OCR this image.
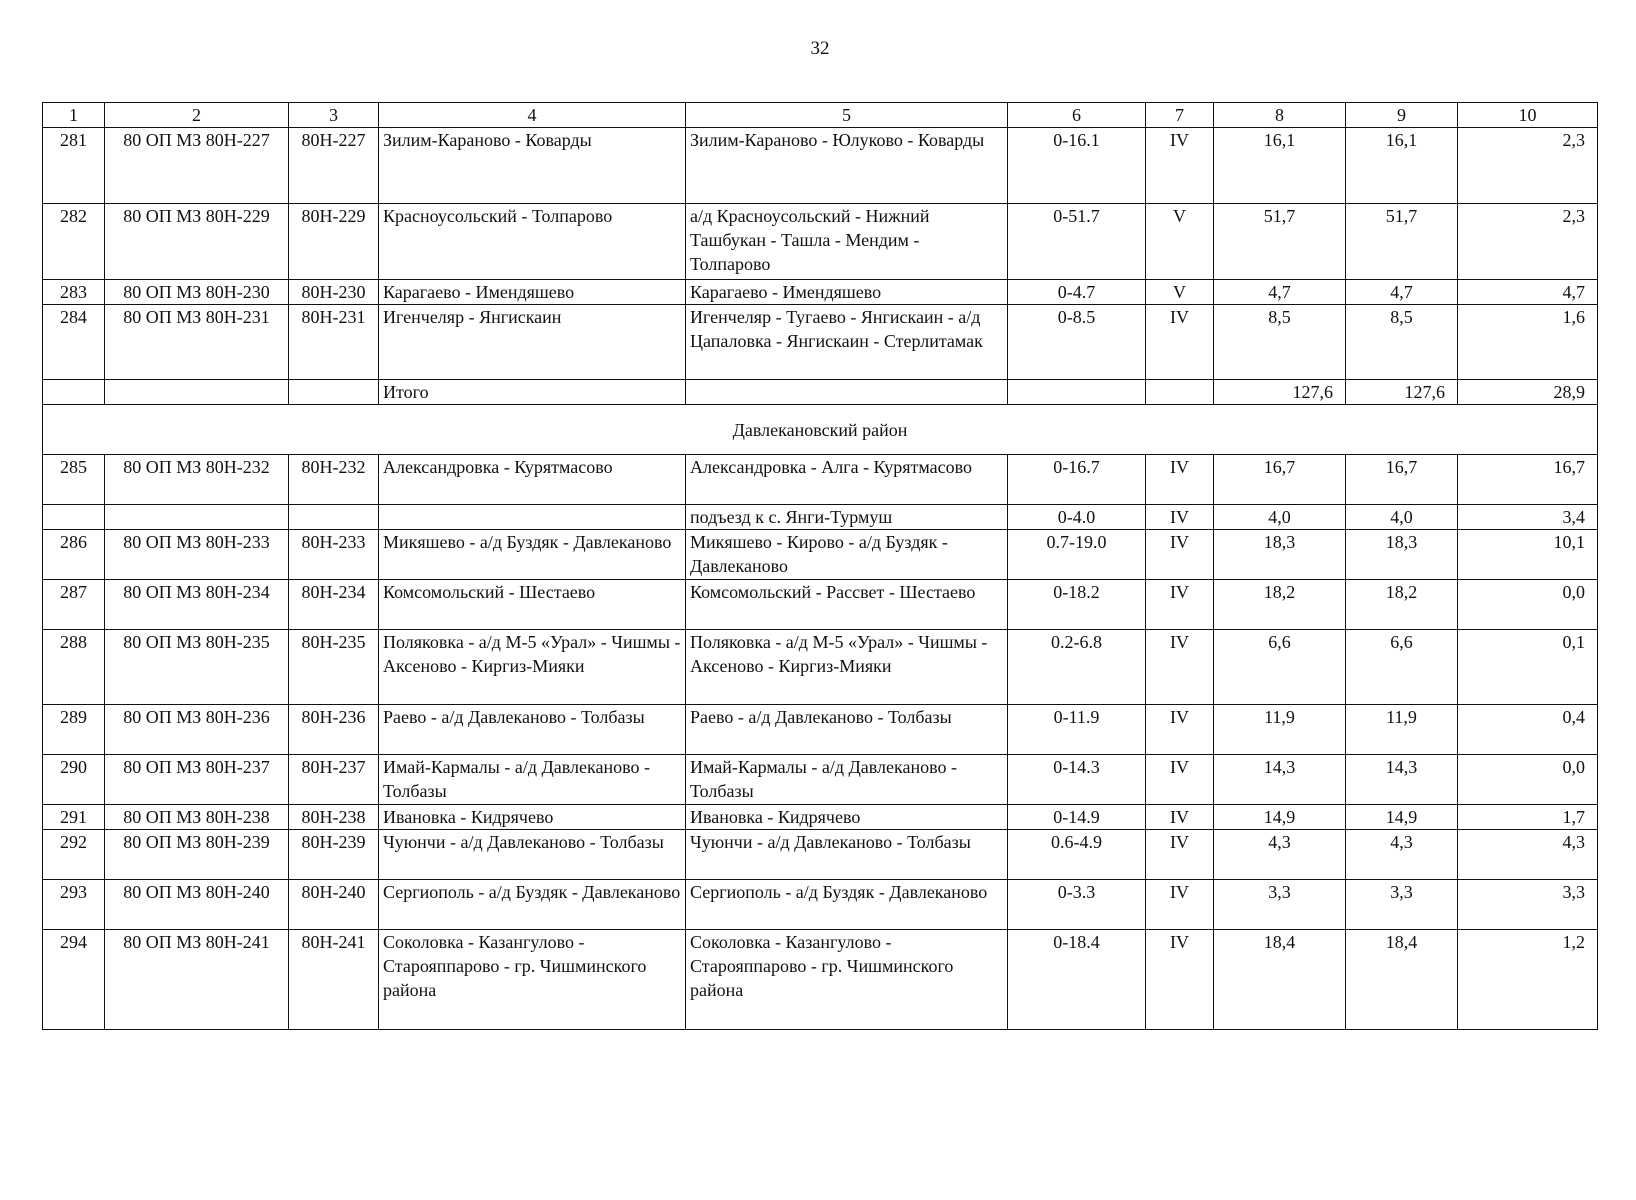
32
1	2	3	4	5	6	7	8	9	10
281	80 ОП МЗ 80Н-227	80Н-227	Зилим-Караново - Коварды	Зилим-Караново - Юлуково - Коварды	0-16.1	IV	16,1	16,1	2,3
282	80 ОП МЗ 80Н-229	80Н-229	Красноусольский - Толпарово	а/д Красноусольский - Нижний Ташбукан - Ташла - Мендим - Толпарово	0-51.7	V	51,7	51,7	2,3
283	80 ОП МЗ 80Н-230	80Н-230	Карагаево - Имендяшево	Карагаево - Имендяшево	0-4.7	V	4,7	4,7	4,7
284	80 ОП МЗ 80Н-231	80Н-231	Игенчеляр - Янгискаин	Игенчеляр - Тугаево - Янгискаин - а/д Цапаловка - Янгискаин - Стерлитамак	0-8.5	IV	8,5	8,5	1,6
			Итого				127,6	127,6	28,9
Давлекановский район									
285	80 ОП МЗ 80Н-232	80Н-232	Александровка - Курятмасово	Александровка - Алга - Курятмасово	0-16.7	IV	16,7	16,7	16,7
				подъезд к с. Янги-Турмуш	0-4.0	IV	4,0	4,0	3,4
286	80 ОП МЗ 80Н-233	80Н-233	Микяшево - а/д Буздяк - Давлеканово	Микяшево - Кирово - а/д Буздяк - Давлеканово	0.7-19.0	IV	18,3	18,3	10,1
287	80 ОП МЗ 80Н-234	80Н-234	Комсомольский - Шестаево	Комсомольский - Рассвет - Шестаево	0-18.2	IV	18,2	18,2	0,0
288	80 ОП МЗ 80Н-235	80Н-235	Поляковка - а/д М-5 «Урал» - Чишмы - Аксеново - Киргиз-Мияки	Поляковка - а/д М-5 «Урал» - Чишмы - Аксеново - Киргиз-Мияки	0.2-6.8	IV	6,6	6,6	0,1
289	80 ОП МЗ 80Н-236	80Н-236	Раево - а/д Давлеканово - Толбазы	Раево - а/д Давлеканово - Толбазы	0-11.9	IV	11,9	11,9	0,4
290	80 ОП МЗ 80Н-237	80Н-237	Имай-Кармалы - а/д Давлеканово - Толбазы	Имай-Кармалы - а/д Давлеканово - Толбазы	0-14.3	IV	14,3	14,3	0,0
291	80 ОП МЗ 80Н-238	80Н-238	Ивановка - Кидрячево	Ивановка - Кидрячево	0-14.9	IV	14,9	14,9	1,7
292	80 ОП МЗ 80Н-239	80Н-239	Чуюнчи - а/д Давлеканово - Толбазы	Чуюнчи - а/д Давлеканово - Толбазы	0.6-4.9	IV	4,3	4,3	4,3
293	80 ОП МЗ 80Н-240	80Н-240	Сергиополь - а/д Буздяк - Давлеканово	Сергиополь - а/д Буздяк - Давлеканово	0-3.3	IV	3,3	3,3	3,3
294	80 ОП МЗ 80Н-241	80Н-241	Соколовка - Казангулово - Старояппарово - гр. Чишминского района	Соколовка - Казангулово - Старояппарово - гр. Чишминского района	0-18.4	IV	18,4	18,4	1,2
